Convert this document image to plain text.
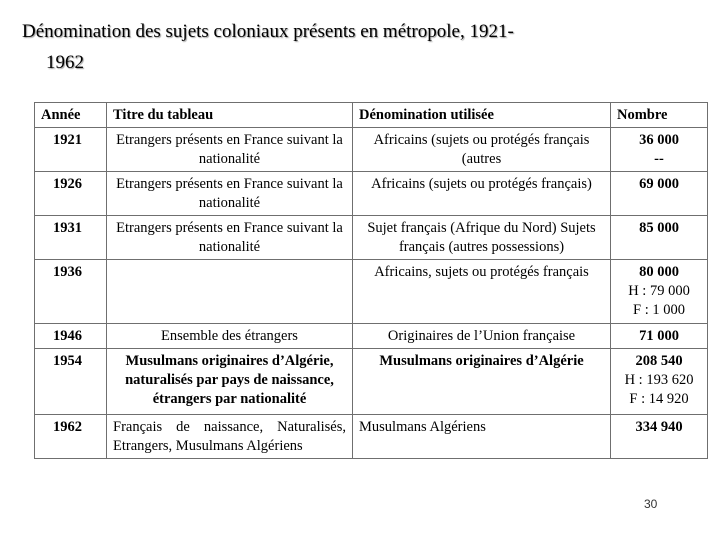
Dénomination des sujets coloniaux présents en métropole, 1921-
1962
Année	Titre du tableau	Dénomination utilisée	Nombre
1921	Etrangers présents en France suivant la nationalité	Africains (sujets ou protégés français (autres	36 000
--

1926	Etrangers présents en France suivant la nationalité	Africains (sujets ou protégés français)	69 000

1931	Etrangers présents en France suivant la nationalité	Sujet français (Afrique du Nord) Sujets français (autres possessions)	85 000

1936		Africains, sujets ou protégés français	80 000
H : 79 000
F : 1 000

1946	Ensemble des étrangers	Originaires de l’Union française	71 000

1954	Musulmans originaires d’Algérie, naturalisés par pays de naissance, étrangers par nationalité	Musulmans originaires d’Algérie	208 540
H : 193 620
F : 14 920

1962	Français de naissance, Naturalisés, Etrangers, Musulmans Algériens	Musulmans Algériens	334 940
30
